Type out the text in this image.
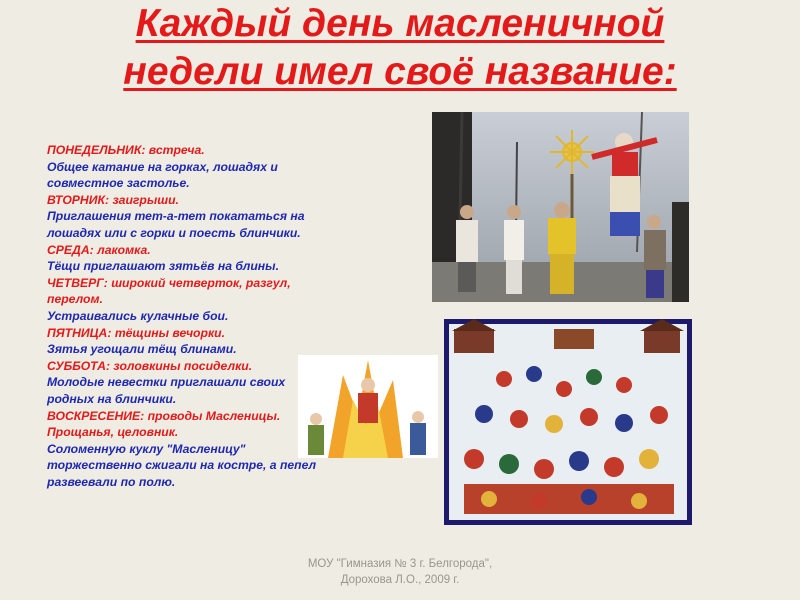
Каждый день масленичной
недели имел своё название:
ПОНЕДЕЛЬНИК: встреча.
Общее катание на горках, лошадях и
совместное застолье.
ВТОРНИК: заигрыши.
Приглашения тет-а-тет покататься на
лошадях или с горки и поесть блинчики.
СРЕДА: лакомка.
Тёщи приглашают зятьёв на блины.
ЧЕТВЕРГ: широкий четверток, разгул,
перелом.
Устраивались кулачные бои.
ПЯТНИЦА: тёщины вечорки.
Зятья угощали тёщ блинами.
СУББОТА: золовкины посиделки.
Молодые невестки приглашали своих
родных на блинчики.
ВОСКРЕСЕНИЕ: проводы Масленицы.
Прощанья, целовник.
Соломенную куклу "Масленицу"
торжественно сжигали на костре, а пепел
развеевали по полю.
МОУ "Гимназия № 3 г. Белгорода",
Дорохова Л.О., 2009 г.
